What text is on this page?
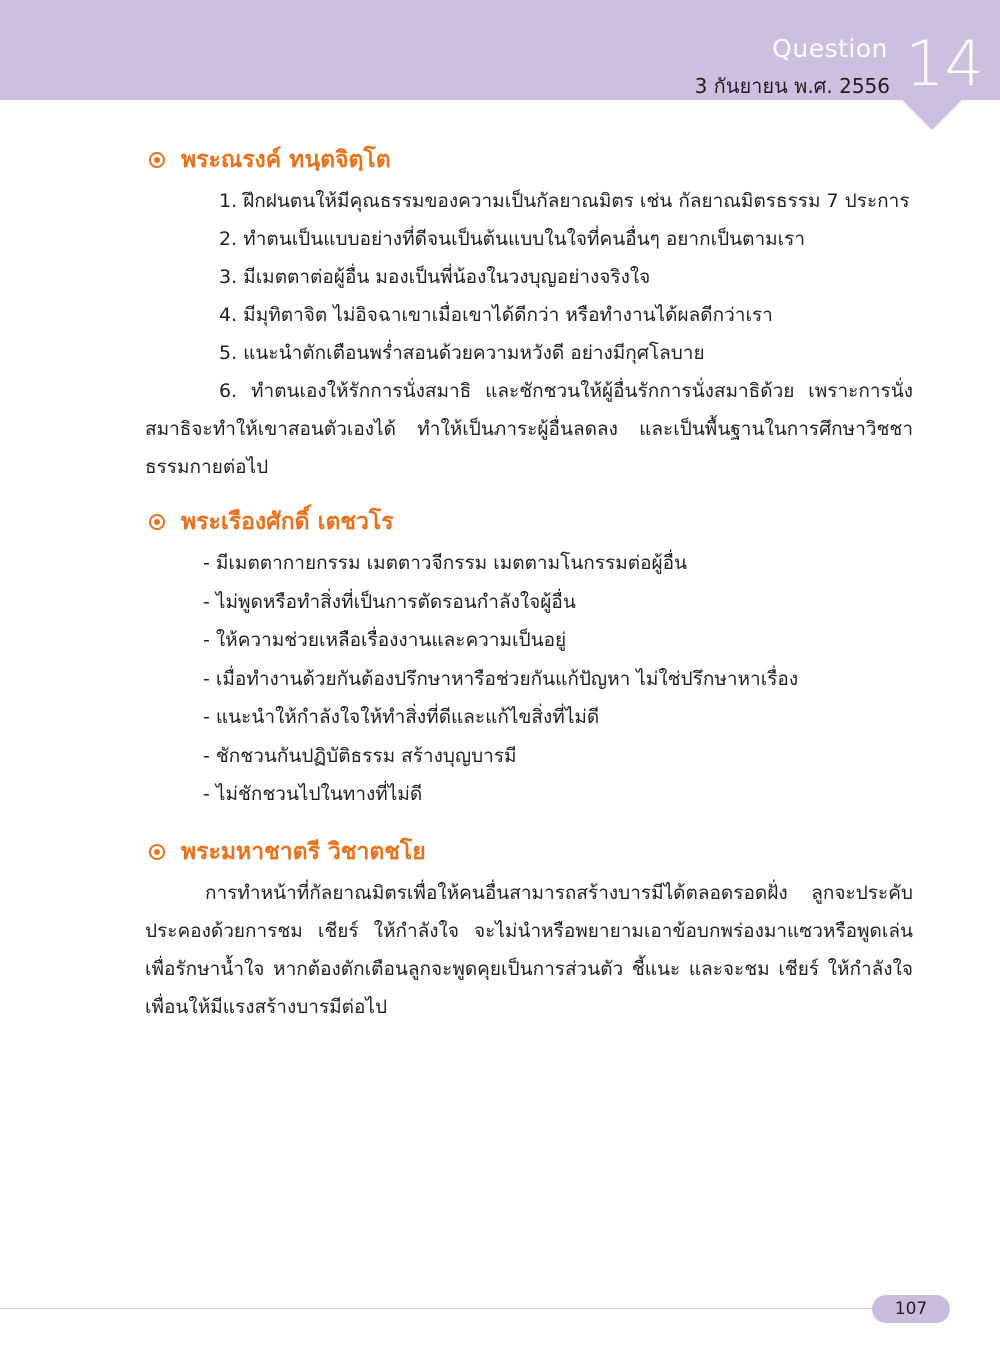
Question
3 กันยายน พ.ศ. 2556 14
พระณรงค์ ทนฺตจิตฺโต

1. ฝึกฝนตนให้มีคุณธรรมของความเป็นกัลยาณมิตร เช่น กัลยาณมิตรธรรม 7 ประการ

2. ทำตนเป็นแบบอย่างที่ดีจนเป็นต้นแบบในใจที่คนอื่นๆ อยากเป็นตามเรา

3. มีเมตตาต่อผู้อื่น มองเป็นพี่น้องในวงบุญอย่างจริงใจ

4. มีมุทิตาจิต ไม่อิจฉาเขาเมื่อเขาได้ดีกว่า หรือทำงานได้ผลดีกว่าเรา

5. แนะนำตักเตือนพร่ำสอนด้วยความหวังดี อย่างมีกุศโลบาย

6. ทำตนเองให้รักการนั่งสมาธิ และชักชวนให้ผู้อื่นรักการนั่งสมาธิด้วย เพราะการนั่งสมาธิจะทำให้เขาสอนตัวเองได้ ทำให้เป็นภาระผู้อื่นลดลง และเป็นพื้นฐานในการศึกษาวิชชาธรรมกายต่อไป

พระเรืองศักดิ์ เตชวโร
- มีเมตตากายกรรม เมตตาวจีกรรม เมตตามโนกรรมต่อผู้อื่น
- ไม่พูดหรือทำสิ่งที่เป็นการตัดรอนกำลังใจผู้อื่น
- ให้ความช่วยเหลือเรื่องงานและความเป็นอยู่
- เมื่อทำงานด้วยกันต้องปรึกษาหารือช่วยกันแก้ปัญหา ไม่ใช่ปรึกษาหาเรื่อง
- แนะนำให้กำลังใจให้ทำสิ่งที่ดีและแก้ไขสิ่งที่ไม่ดี
- ชักชวนกันปฏิบัติธรรม สร้างบุญบารมี
- ไม่ชักชวนไปในทางที่ไม่ดี
พระมหาชาตรี วิชาตชโย

การทำหน้าที่กัลยาณมิตรเพื่อให้คนอื่นสามารถสร้างบารมีได้ตลอดรอดฝั่ง ลูกจะประคับประคองด้วยการชม เชียร์ ให้กำลังใจ จะไม่นำหรือพยายามเอาข้อบกพร่องมาแซวหรือพูดเล่น เพื่อรักษาน้ำใจ หากต้องตักเตือนลูกจะพูดคุยเป็นการส่วนตัว ชี้แนะ และจะชม เชียร์ ให้กำลังใจเพื่อนให้มีแรงสร้างบารมีต่อไป

107
